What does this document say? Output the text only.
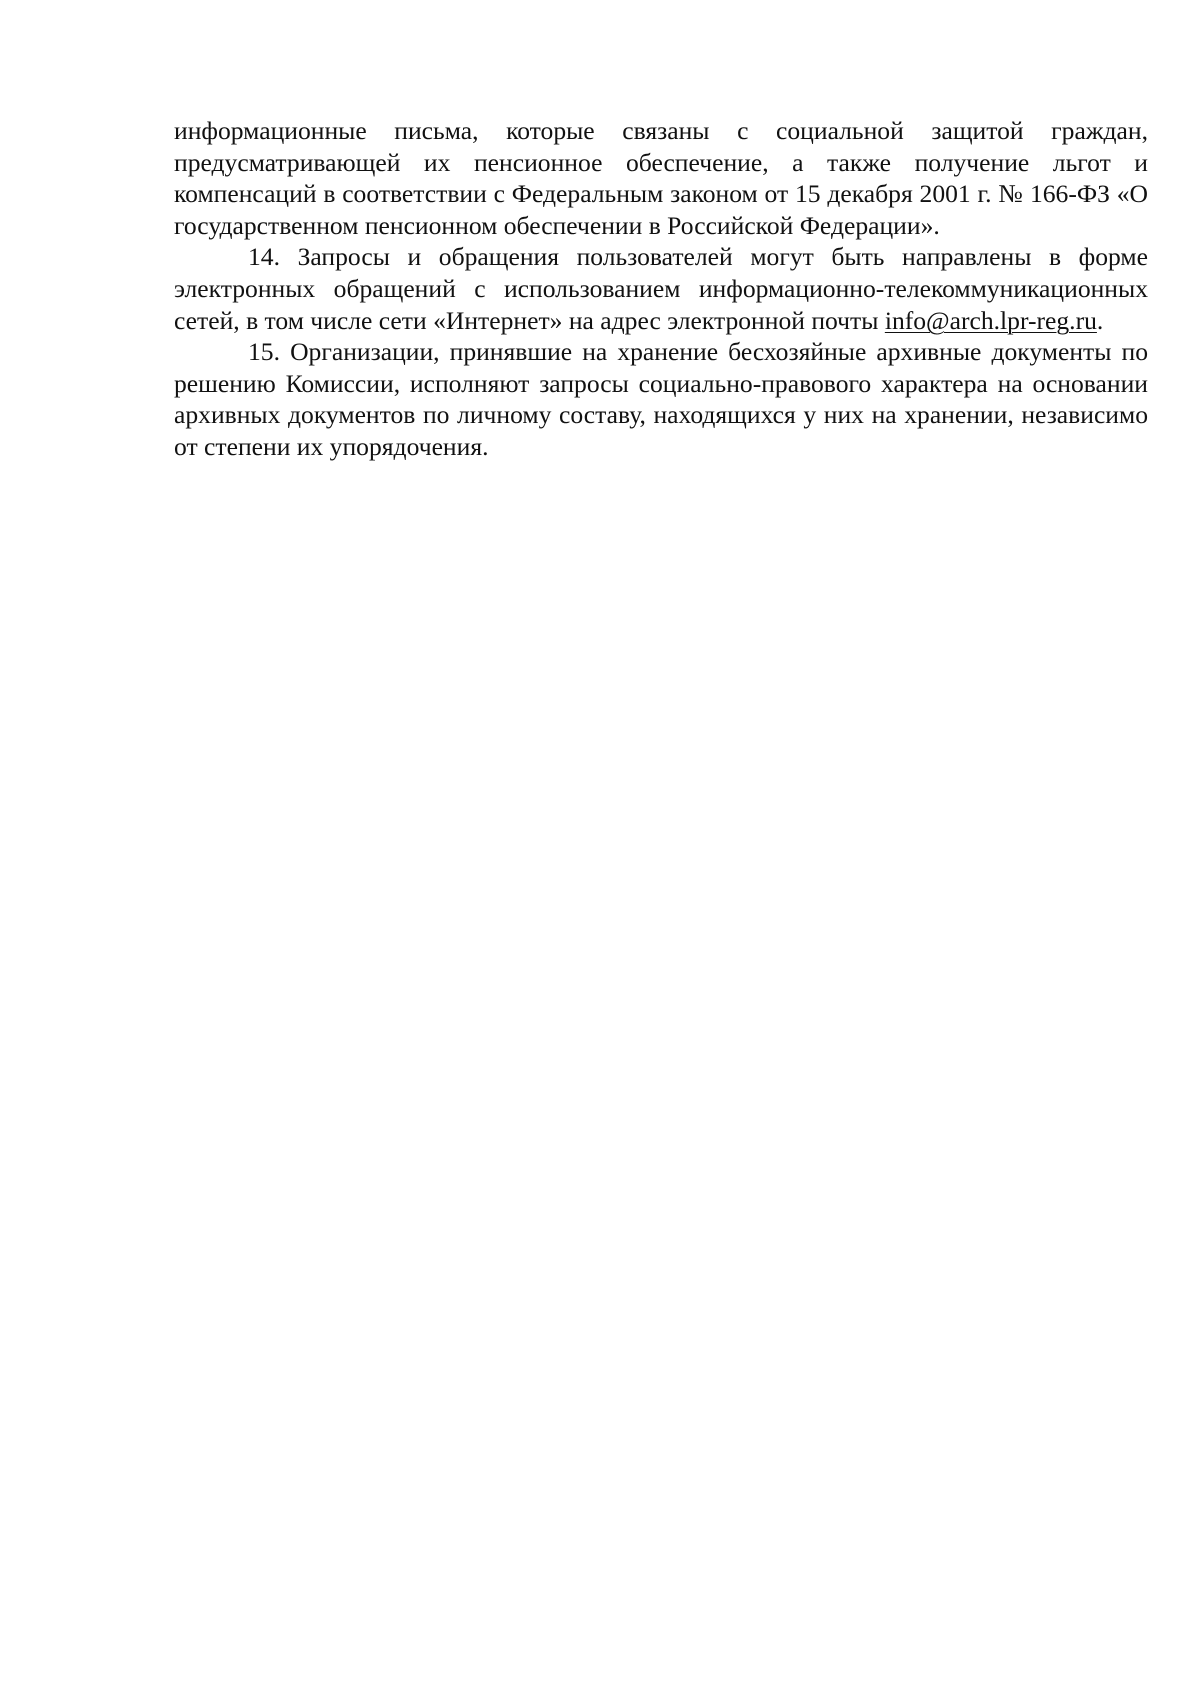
информационные письма, которые связаны с социальной защитой граждан, предусматривающей их пенсионное обеспечение, а также получение льгот и компенсаций в соответствии с Федеральным законом от 15 декабря 2001 г. № 166-ФЗ «О государственном пенсионном обеспечении в Российской Федерации».

14. Запросы и обращения пользователей могут быть направлены в форме электронных обращений с использованием информационно-телекоммуникационных сетей, в том числе сети «Интернет» на адрес электронной почты info@arch.lpr-reg.ru.

15. Организации, принявшие на хранение бесхозяйные архивные документы по решению Комиссии, исполняют запросы социально-правового характера на основании архивных документов по личному составу, находящихся у них на хранении, независимо от степени их упорядочения.
